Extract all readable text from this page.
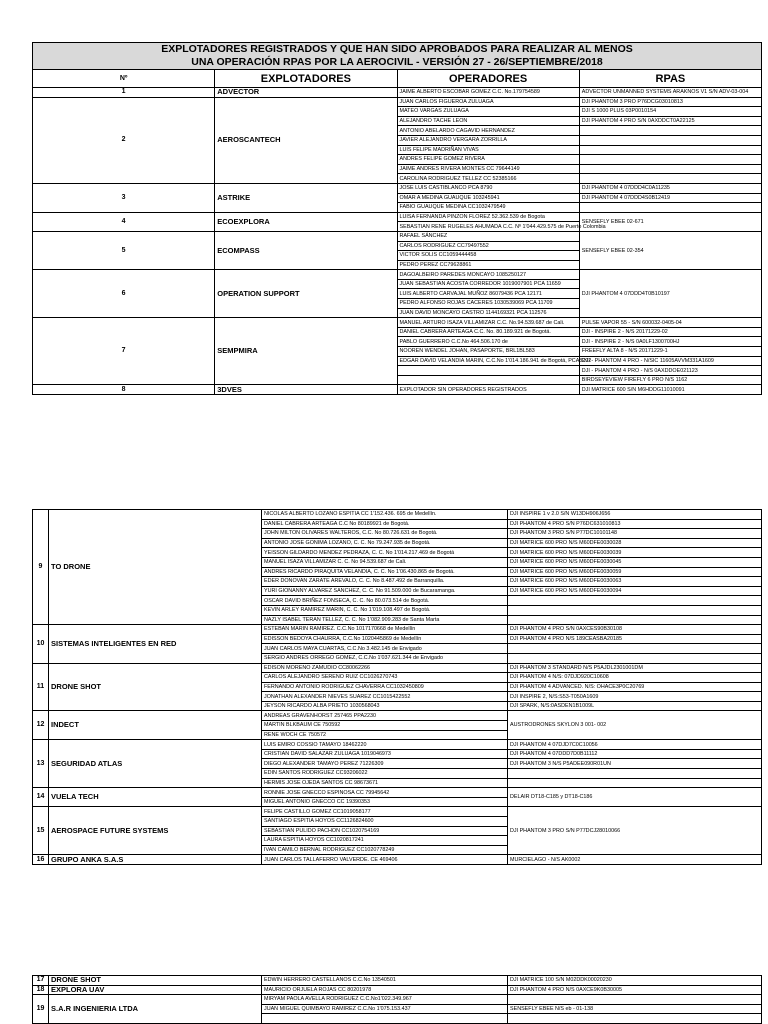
EXPLOTADORES REGISTRADOS Y QUE HAN SIDO APROBADOS PARA REALIZAR AL MENOS
UNA OPERACIÓN RPAS POR LA AEROCIVIL - VERSIÓN 27 - 26/SEPTIEMBRE/2018			

Nº	EXPLOTADORES	OPERADORES	RPAS
1	ADVECTOR	JAIME ALBERTO ESCOBAR GOMEZ C.C. No.179754589	ADVECTOR UNMANNED SYSTEMS ARAKNOS V1 S/N ADV-03-004
2	AEROSCANTECH	JUAN CARLOS FIGUEROA ZULUAGA	DJI PHANTOM 3 PRO P76DCG03010813
		MATEO VARGAS ZULUAGA	DJI S 1000 PLUS 03P0010154
		ALEJANDRO TACHE LEON	DJI PHANTOM 4 PRO S/N 0AXDDCT0A22125
		ANTONIO ABELARDO CAGAVID HERNANDEZ	
		JAVIER ALEJANDRO VERGARA ZORRILLA	
		LUIS FELIPE MADRIÑAN VIVAS	
		ANDRES FELIPE GOMEZ RIVERA	
		JAIME ANDRES RIVERA MONTES CC 79644149	
		CAROLINA RODRIGUEZ TELLEZ CC 52385166	
3	ASTRIKE	JOSE LUIS CASTIBLANCO PCA 8790	DJI PHANTOM 4 07DDD4C0A11235
		OMAR A MEDINA GUAUQUE 103245941	DJI PHANTOM 4 07DDD4S0B12419
		FABIO GUAUQUE MEDINA CC1032479549	
4	ECOEXPLORA	LUISA FERNANDA PINZON FLOREZ 52.362.539 de Bogota	SENSEFLY EBEE 02-671
		SEBASTIAN RENE RUGELES AHUMADA C.C. Nº 1'044.429.575 de Puerto Colombia	
5	ECOMPASS	RAFAEL SÁNCHEZ	SENSEFLY EBEE 02-354
		CARLOS RODRIGUEZ CC79497552	
		VICTOR SOLIS CC1059444458	
		PEDRO PEREZ CC79628861	
6	OPERATION SUPPORT	DAGOALBEIRO PAREDES MONCAYO 1085250127	DJI PHANTOM 4 07DDD4T0B10197
		JUAN SEBASTIAN ACOSTA CORREDOR 1019007901 PCA 11659	
		LUIS ALBERTO CARVAJAL MUÑOZ 86079436 PCA 12171	
		PEDRO ALFONSO ROJAS CACERES 1030539069 PCA 11709	
		JUAN DAVID MONCAYO CASTRO 1144169321 PCA 112576	
7	SEMPMIRA	MANUEL ARTURO ISAZA VILLAMIZAR C.C. No.94.539.687 de Cali.	PULSE VAPOR 55 - S/N 600032-0405-04
		DANIEL CABRERA ARTEAGA C.C. No. 80.189.921 de Bogotá.	DJI - INSPIRE 2 - N/S 20171229-02
		PABLO GUERRERO C.C.No 464.506.170 de	DJI - INSPIRE 2 - N/S 0A0LF1300700HJ
		NOOREN WENDEL JOHAN, PASAPORTE, BRL1BL583	FREEFLY ALTA 8 - N/S 20171229-1
		EDGAR DAVID VELANDIA MARIN, C.C.No 1'014.186.941 de Bogotá, PCA8292	DJI - PHANTOM 4 PRO - N/SIC 11605AVVM331A1609
			DJI - PHANTOM 4 PRO - N/S 0AXDDOE021123
			BIRDSEYEVIEW FIREFLY 6 PRO N/S 1162
8	3DVES	EXPLOTADOR SIN OPERADORES REGISTRADOS	DJI MATRICE 600 S/N M6HDDG11010091
9	TO DRONE	NICOLAS ALBERTO LOZANO ESPITIA CC 1'152.436. 695 de Medellín.	DJI INSPIRE 1 v 2.0 S/N W13DH906J656
		DANIEL CABRERA ARTEAGA C.C No 80189921 de Bogotá.	DJI PHANTOM 4 PRO S/N P76DC631010813
		JOHN MILTON OLIVARES WALTEROS, C.C. No 80.726.631 de Bogotá.	DJI PHANTOM 3 PRO S/N P77DC10101148
		ANTONIO JOSE GONIMA LOZANO, C. C. No 79.247.935 de Bogotá.	DJI MATRICE 600 PRO N/S M60DFE0030028
		YEISSON GILDARDO MENDEZ PEDRAZA, C. C. No 1'014.217.469 de Bogotá	DJI MATRICE 600 PRO N/S M60DFE0030039
		MANUEL ISAZA VILLAMIZAR C. C. No 94.539.687 de Cali.	DJI MATRICE 600 PRO N/S M60DFE0030045
		ANDRES RICARDO PIRAQUITA VELANDIA, C. C. No 1'06.430.865 de Bogotá.	DJI MATRICE 600 PRO N/S M60DFE0030059
		EDER DONOVAN ZARATE AREVALO, C. C. No 8.487.492 de Barranquilla.	DJI MATRICE 600 PRO N/S M60DFE0030063
		YURI GIONANNY ALVAREZ SANCHEZ, C. C. No 91.509.000 de Bucaramanga.	DJI MATRICE 600 PRO N/S M60DFE0030094
		OSCAR DAVID BRIÑEZ FONSECA, C. C. No 80.073.514 de Bogotá.	
		KEVIN ARLEY RAMIREZ MARIN, C. C. No 1'019.108.497 de Bogotá.	
		NAZLY ISABEL TERAN TELLEZ, C. C. No 1'082.909.283 de Santa Marta	
10	SISTEMAS INTELIGENTES EN RED	ESTEBAN MARIN RAMIREZ. C.C.No 1017170668 de Medellín	DJI PHANTOM 4 PRO S/N 0AXCES90B30108
		EDISSON BEDOYA CHAURRA, C.C.No 1020445869 de Medellín	DJI PHANTOM 4 PRO N/S 189CEASBA20185
		JUAN CARLOS MAYA CUARTAS, C.C.No 3.482.145 de Envigado	
		SERGIO ANDRES ORREGO GOMEZ, C.C.No 1'037.621.344 de Envigado	
11	DRONE SHOT	EDISON MORENO ZAMUDIO CC80062266	DJI PHANTOM 3 STANDARD N/S P5AJDL2301001DM
		CARLOS ALEJANDRO SERENO RUIZ CC1026270743	DJI PHANTOM 4 N/S: 07DJD920C10608
		FERNANDO ANTONIO RODRIGUEZ CHAVERRA CC1032450809	DJI PHANTOM 4 ADVANCED. N/S: OHACE3P0C20769
		JONATHAN ALEXANDER NIEVES SUAREZ CC1015422552	DJI INSPIRE 2, N/S:S53-T050A1609
		JEYSON RICARDO ALBA PRIETO 1030568043	DJI SPARK, N/S:0ASDEN1B1009L
12	INDECT	ANDREAS GRAVENHORST 257465 PPA2230	AUSTRODRONES SKYLON 3 001- 002
		MARTIN BLKBAUM CE 750592	
		RENE WOCH CE 750572	
13	SEGURIDAD ATLAS	LUIS EMIRO COSSIO TAMAYO 18462220	DJI PHANTOM 4 07DJD7C0C10056
		CRISTIAN DAVID SALAZAR ZULUAGA 1019046973	DJI PHANTOM 4 07DDD7D0B11112
		DIEGO ALEXANDER TAMAYO PEREZ 71226309	DJI PHANTOM 3 N/S P5ADEE090R01UN
		EDIN SANTOS RODRIGUEZ CC93206022	
		HERMIS JOSE OJEDA SANTOS CC 98673671	
14	VUELA TECH	RONNIE JOSE GNECCO ESPINOSA CC 79945642	DELAIR DT18-C185 y DT18-C186
		MIGUEL ANTONIO GNECCO CC 19390353	
15	AEROSPACE FUTURE SYSTEMS	FELIPE CASTILLO GOMEZ CC1019058177	DJI PHANTOM 3 PRO S/N P77DCJ28010066
		SANTIAGO ESPITIA HOYOS CC1126824600	
		SEBASTIAN PULIDO PACHON CC1020754169	
		LAURA ESPITIA HOYOS CC1020817241	
		IVAN CAMILO BERNAL RODRIGUEZ CC1020778249	
16	GRUPO ANKA S.A.S	JUAN CARLOS TALLAFERRO VALVERDE. CE 469406	MURCIELAGO - N/S AK0002
17	DRONE SHOT	EDWIN HERRERO CASTELLANOS C.C.No 13540501	DJI MATRICE 100 S/N M02DDK00020230
18	EXPLORA UAV	MAURICIO ORJUELA ROJAS CC 80201978	DJI PHANTOM 4 PRO N/S 0AXCE9K0B30005
19	S.A.R INGENIERIA LTDA	MIRYAM PAOLA AVELLA RODRIGUEZ C.C.No1'022.349.967	
		JUAN MIGUEL QUIMBAYO RAMIREZ C.C.No 1'075.153.437	SENSEFLY EBEE N/S eb - 01-138
